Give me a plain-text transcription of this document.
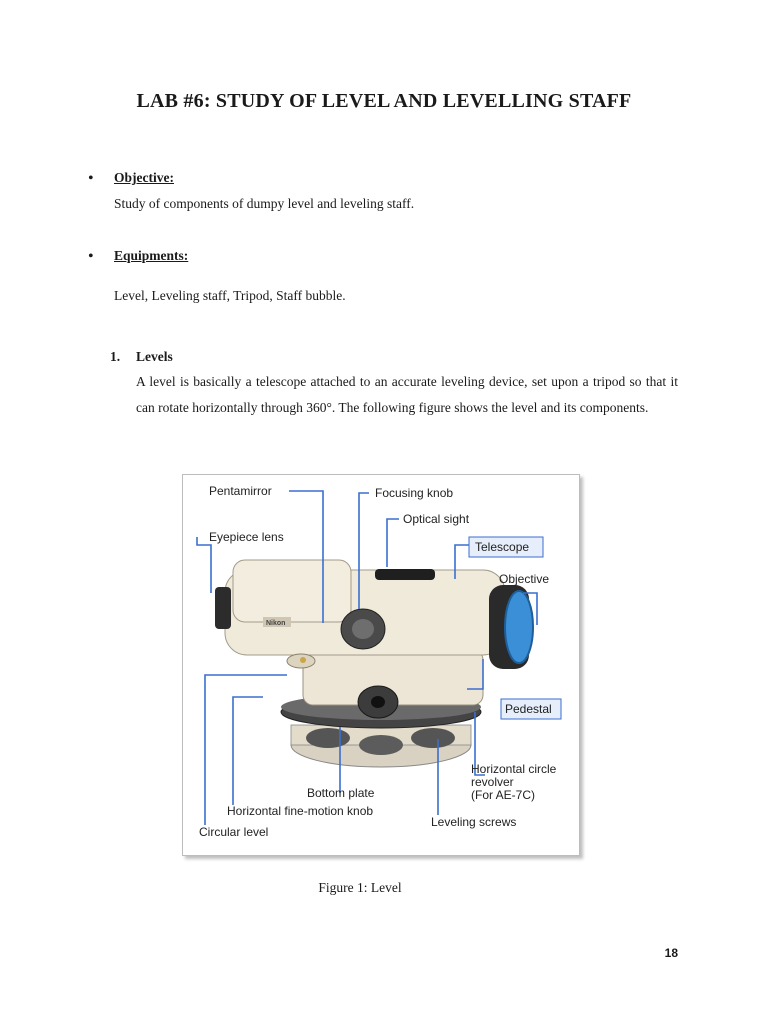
LAB #6: STUDY OF LEVEL AND LEVELLING STAFF
• Objective:
Study of components of dumpy level and leveling staff.
• Equipments:
Level, Leveling staff, Tripod, Staff bubble.
1. Levels
A level is basically a telescope attached to an accurate leveling device, set upon a tripod so that it can rotate horizontally through 360°. The following figure shows the level and its components.
Nikon
Pentamirror	Focusing knob
Optical sight
Eyepiece lens
Telescope
Objective
Pedestal
Horizontal circle
revolver
(For AE-7C)
Bottom plate
Horizontal fine-motion knob
Leveling screws
Circular level
Figure 1: Level
18
